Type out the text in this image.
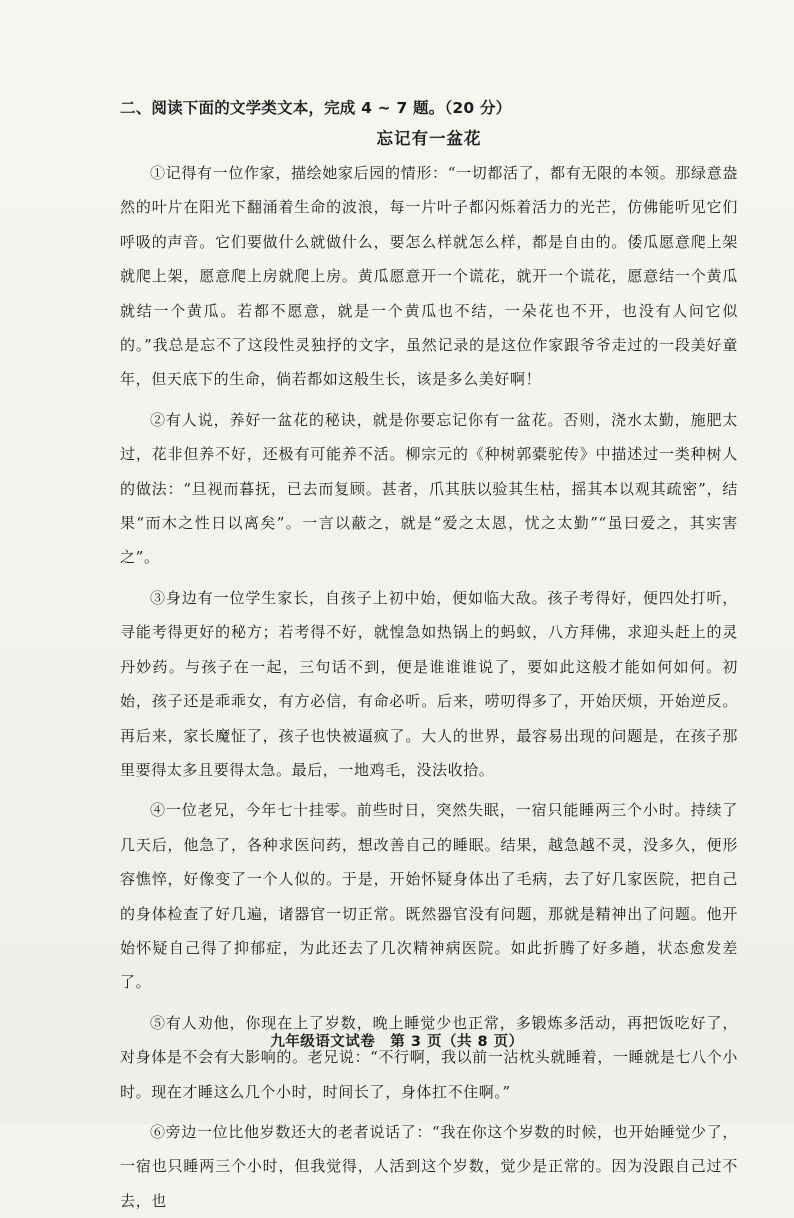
二、阅读下面的文学类文本，完成 4 ~ 7 题。（20 分）
忘记有一盆花

①记得有一位作家，描绘她家后园的情形：“一切都活了，都有无限的本领。那绿意盎然的叶片在阳光下翻涌着生命的波浪，每一片叶子都闪烁着活力的光芒，仿佛能听见它们呼吸的声音。它们要做什么就做什么，要怎么样就怎么样，都是自由的。倭瓜愿意爬上架就爬上架，愿意爬上房就爬上房。黄瓜愿意开一个谎花，就开一个谎花，愿意结一个黄瓜就结一个黄瓜。若都不愿意，就是一个黄瓜也不结，一朵花也不开，也没有人问它似的。”我总是忘不了这段性灵独抒的文字，虽然记录的是这位作家跟爷爷走过的一段美好童年，但天底下的生命，倘若都如这般生长，该是多么美好啊！

②有人说，养好一盆花的秘诀，就是你要忘记你有一盆花。否则，浇水太勤，施肥太过，花非但养不好，还极有可能养不活。柳宗元的《种树郭橐驼传》中描述过一类种树人的做法：“旦视而暮抚，已去而复顾。甚者，爪其肤以验其生枯，摇其本以观其疏密”，结果“而木之性日以离矣”。一言以蔽之，就是“爱之太恩，忧之太勤”“虽曰爱之，其实害之”。

③身边有一位学生家长，自孩子上初中始，便如临大敌。孩子考得好，便四处打听，寻能考得更好的秘方；若考得不好，就惶急如热锅上的蚂蚁，八方拜佛，求迎头赶上的灵丹妙药。与孩子在一起，三句话不到，便是谁谁谁说了，要如此这般才能如何如何。初始，孩子还是乖乖女，有方必信，有命必听。后来，唠叨得多了，开始厌烦，开始逆反。再后来，家长魔怔了，孩子也快被逼疯了。大人的世界，最容易出现的问题是，在孩子那里要得太多且要得太急。最后，一地鸡毛，没法收拾。

④一位老兄，今年七十挂零。前些时日，突然失眠，一宿只能睡两三个小时。持续了几天后，他急了，各种求医问药，想改善自己的睡眠。结果，越急越不灵，没多久，便形容憔悴，好像变了一个人似的。于是，开始怀疑身体出了毛病，去了好几家医院，把自己的身体检查了好几遍，诸器官一切正常。既然器官没有问题，那就是精神出了问题。他开始怀疑自己得了抑郁症，为此还去了几次精神病医院。如此折腾了好多趟，状态愈发差了。

⑤有人劝他，你现在上了岁数，晚上睡觉少也正常，多锻炼多活动，再把饭吃好了，对身体是不会有大影响的。老兄说：“不行啊，我以前一沾枕头就睡着，一睡就是七八个小时。现在才睡这么几个小时，时间长了，身体扛不住啊。”

⑥旁边一位比他岁数还大的老者说话了：“我在你这个岁数的时候，也开始睡觉少了，一宿也只睡两三个小时，但我觉得，人活到这个岁数，觉少是正常的。因为没跟自己过不去，也

九年级语文试卷　第 3 页（共 8 页）
